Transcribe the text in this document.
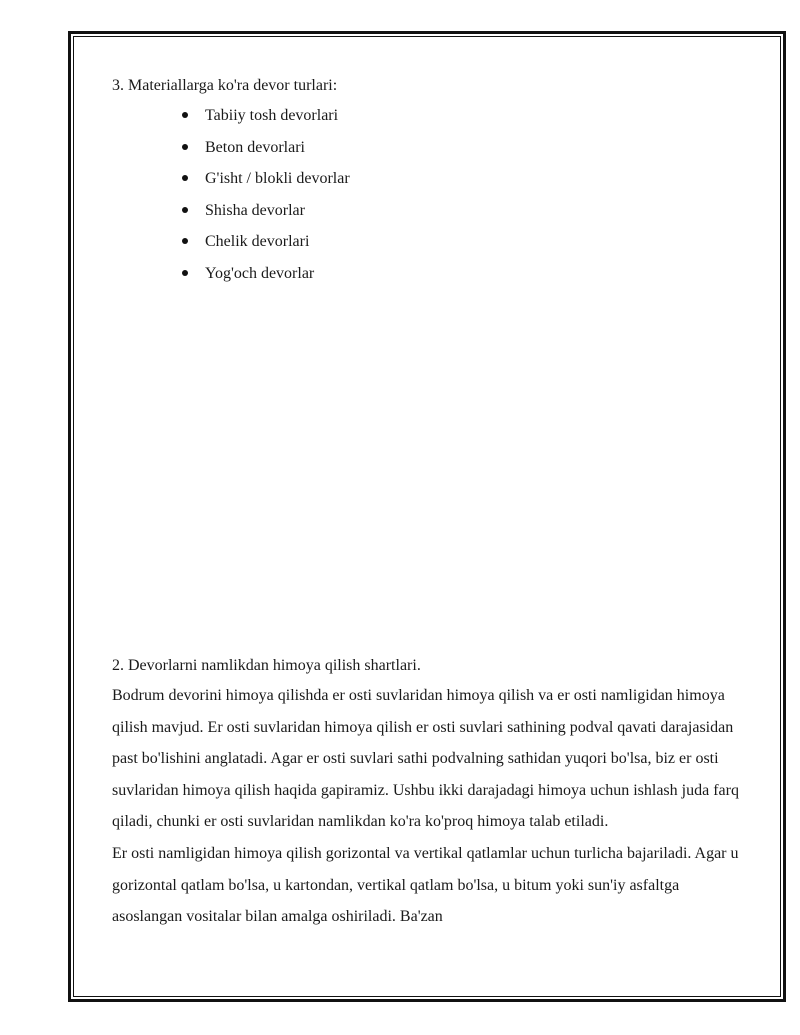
3. Materiallarga ko'ra devor turlari:
Tabiiy tosh devorlari
Beton devorlari
G'isht / blokli devorlar
Shisha devorlar
Chelik devorlari
Yog'och devorlar
2. Devorlarni namlikdan himoya qilish shartlari.

Bodrum devorini himoya qilishda er osti suvlaridan himoya qilish va er osti namligidan himoya qilish mavjud. Er osti suvlaridan himoya qilish er osti suvlari sathining podval qavati darajasidan past bo'lishini anglatadi. Agar er osti suvlari sathi podvalning sathidan yuqori bo'lsa, biz er osti suvlaridan himoya qilish haqida gapiramiz. Ushbu ikki darajadagi himoya uchun ishlash juda farq qiladi, chunki er osti suvlaridan namlikdan ko'ra ko'proq himoya talab etiladi.

Er osti namligidan himoya qilish gorizontal va vertikal qatlamlar uchun turlicha bajariladi. Agar u gorizontal qatlam bo'lsa, u kartondan, vertikal qatlam bo'lsa, u bitum yoki sun'iy asfaltga asoslangan vositalar bilan amalga oshiriladi. Ba'zan
